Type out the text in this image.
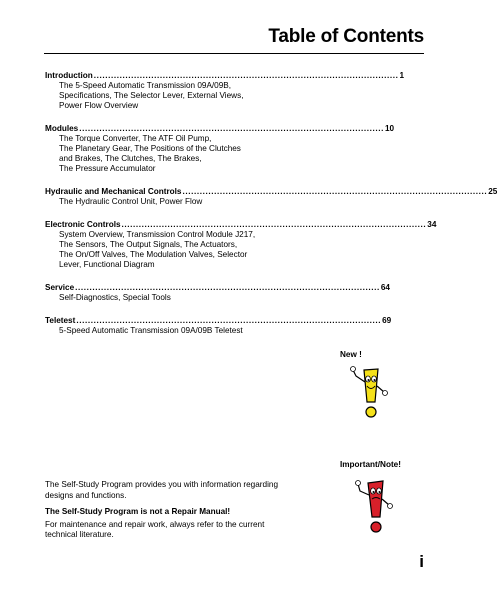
Table of Contents
Introduction .......................................................................................................... 1
The 5-Speed Automatic Transmission 09A/09B,
Specifications, The Selector Lever, External Views,
Power Flow Overview
Modules .......................................................................................................... 10
The Torque Converter, The ATF Oil Pump,
The Planetary Gear, The Positions of the Clutches
and Brakes, The Clutches, The Brakes,
The Pressure Accumulator
Hydraulic and Mechanical Controls .......................................................................................................... 25
The Hydraulic Control Unit, Power Flow
Electronic Controls .......................................................................................................... 34
System Overview, Transmission Control Module J217,
The Sensors, The Output Signals, The Actuators,
The On/Off Valves, The Modulation Valves, Selector
Lever, Functional Diagram
Service .......................................................................................................... 64
Self-Diagnostics, Special Tools
Teletest .......................................................................................................... 69
5-Speed Automatic Transmission 09A/09B Teletest
New !
Important/Note!
The Self-Study Program provides you with information regarding designs and functions.
The Self-Study Program is not a Repair Manual!
For maintenance and repair work, always refer to the current technical literature.
i
